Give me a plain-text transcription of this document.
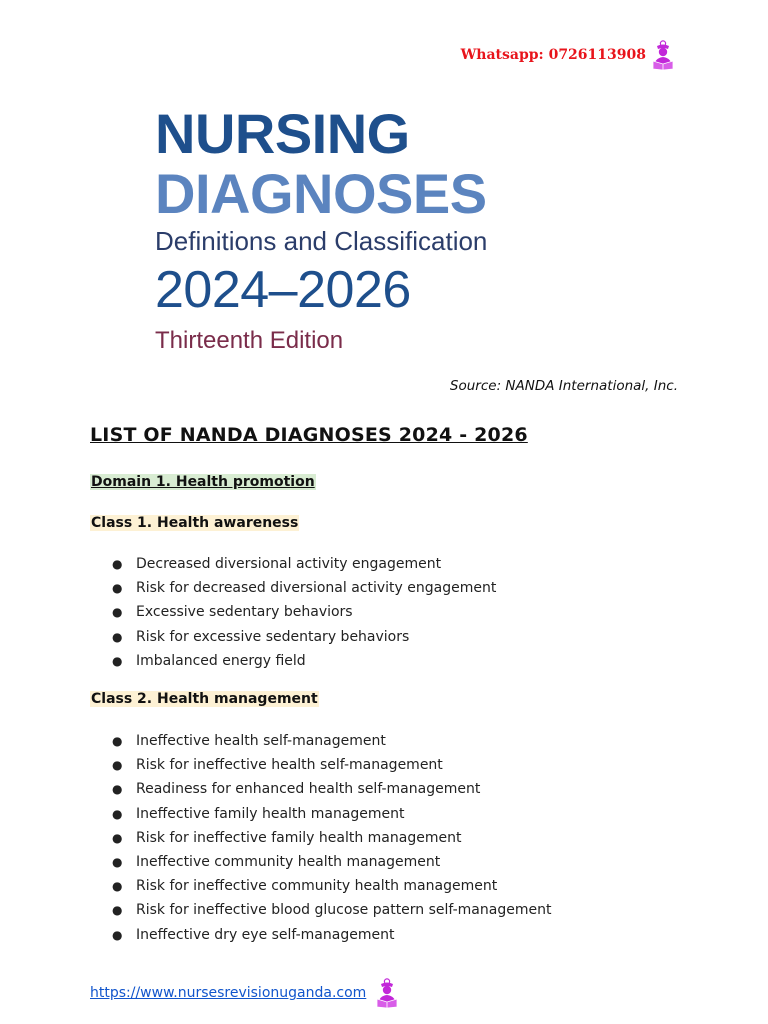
Whatsapp: 0726113908
NURSING
DIAGNOSES
Definitions and Classification
2024–2026
Thirteenth Edition
Source: NANDA International, Inc.
LIST OF NANDA DIAGNOSES 2024 - 2026
Domain 1. Health promotion
Class 1. Health awareness
● Decreased diversional activity engagement
● Risk for decreased diversional activity engagement
● Excessive sedentary behaviors
● Risk for excessive sedentary behaviors
● Imbalanced energy field
Class 2. Health management
● Ineffective health self-management
● Risk for ineffective health self-management
● Readiness for enhanced health self-management
● Ineffective family health management
● Risk for ineffective family health management
● Ineffective community health management
● Risk for ineffective community health management
● Risk for ineffective blood glucose pattern self-management
● Ineffective dry eye self-management
https://www.nursesrevisionuganda.com
